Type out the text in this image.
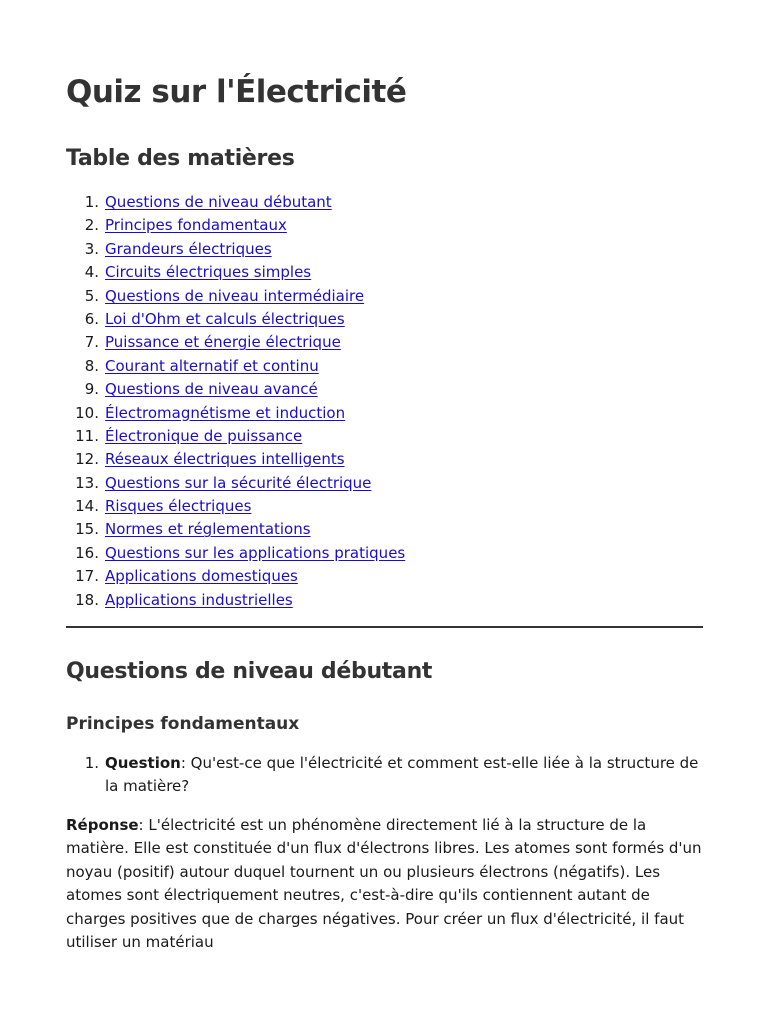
Quiz sur l'Électricité
Table des matières
1. Questions de niveau débutant
2. Principes fondamentaux
3. Grandeurs électriques
4. Circuits électriques simples
5. Questions de niveau intermédiaire
6. Loi d'Ohm et calculs électriques
7. Puissance et énergie électrique
8. Courant alternatif et continu
9. Questions de niveau avancé
10. Électromagnétisme et induction
11. Électronique de puissance
12. Réseaux électriques intelligents
13. Questions sur la sécurité électrique
14. Risques électriques
15. Normes et réglementations
16. Questions sur les applications pratiques
17. Applications domestiques
18. Applications industrielles
Questions de niveau débutant
Principes fondamentaux
1. Question: Qu'est-ce que l'électricité et comment est-elle liée à la structure de la matière?

Réponse: L'électricité est un phénomène directement lié à la structure de la matière. Elle est constituée d'un flux d'électrons libres. Les atomes sont formés d'un noyau (positif) autour duquel tournent un ou plusieurs électrons (négatifs). Les atomes sont électriquement neutres, c'est-à-dire qu'ils contiennent autant de charges positives que de charges négatives. Pour créer un flux d'électricité, il faut utiliser un matériau
